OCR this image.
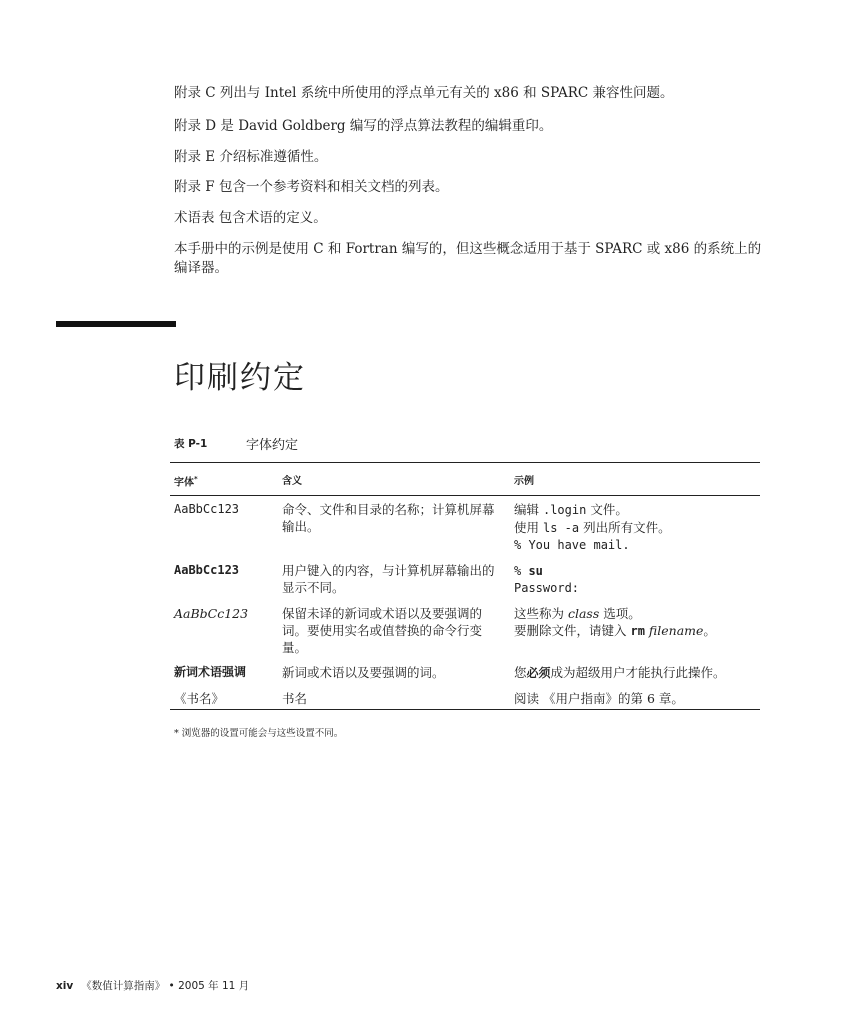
附录 C 列出与 Intel 系统中所使用的浮点单元有关的 x86 和 SPARC 兼容性问题。

附录 D 是 David Goldberg 编写的浮点算法教程的编辑重印。

附录 E 介绍标准遵循性。

附录 F 包含一个参考资料和相关文档的列表。

术语表 包含术语的定义。

本手册中的示例是使用 C 和 Fortran 编写的，但这些概念适用于基于 SPARC 或 x86 的系统上的编译器。

印刷约定
表 P-1	字体约定
字体*	含义	示例
AaBbCc123	命令、文件和目录的名称；计算机屏幕输出。	编辑 .login 文件。
使用 ls -a 列出所有文件。
% You have mail.

AaBbCc123	用户键入的内容，与计算机屏幕输出的显示不同。	% su
Password:

AaBbCc123	保留未译的新词或术语以及要强调的词。要使用实名或值替换的命令行变量。	这些称为 class 选项。
要删除文件，请键入 rm filename。

新词术语强调	新词或术语以及要强调的词。	您必须成为超级用户才能执行此操作。
《书名》	书名	阅读 《用户指南》的第 6 章。
* 浏览器的设置可能会与这些设置不同。
xiv 《数值计算指南》 • 2005 年 11 月
